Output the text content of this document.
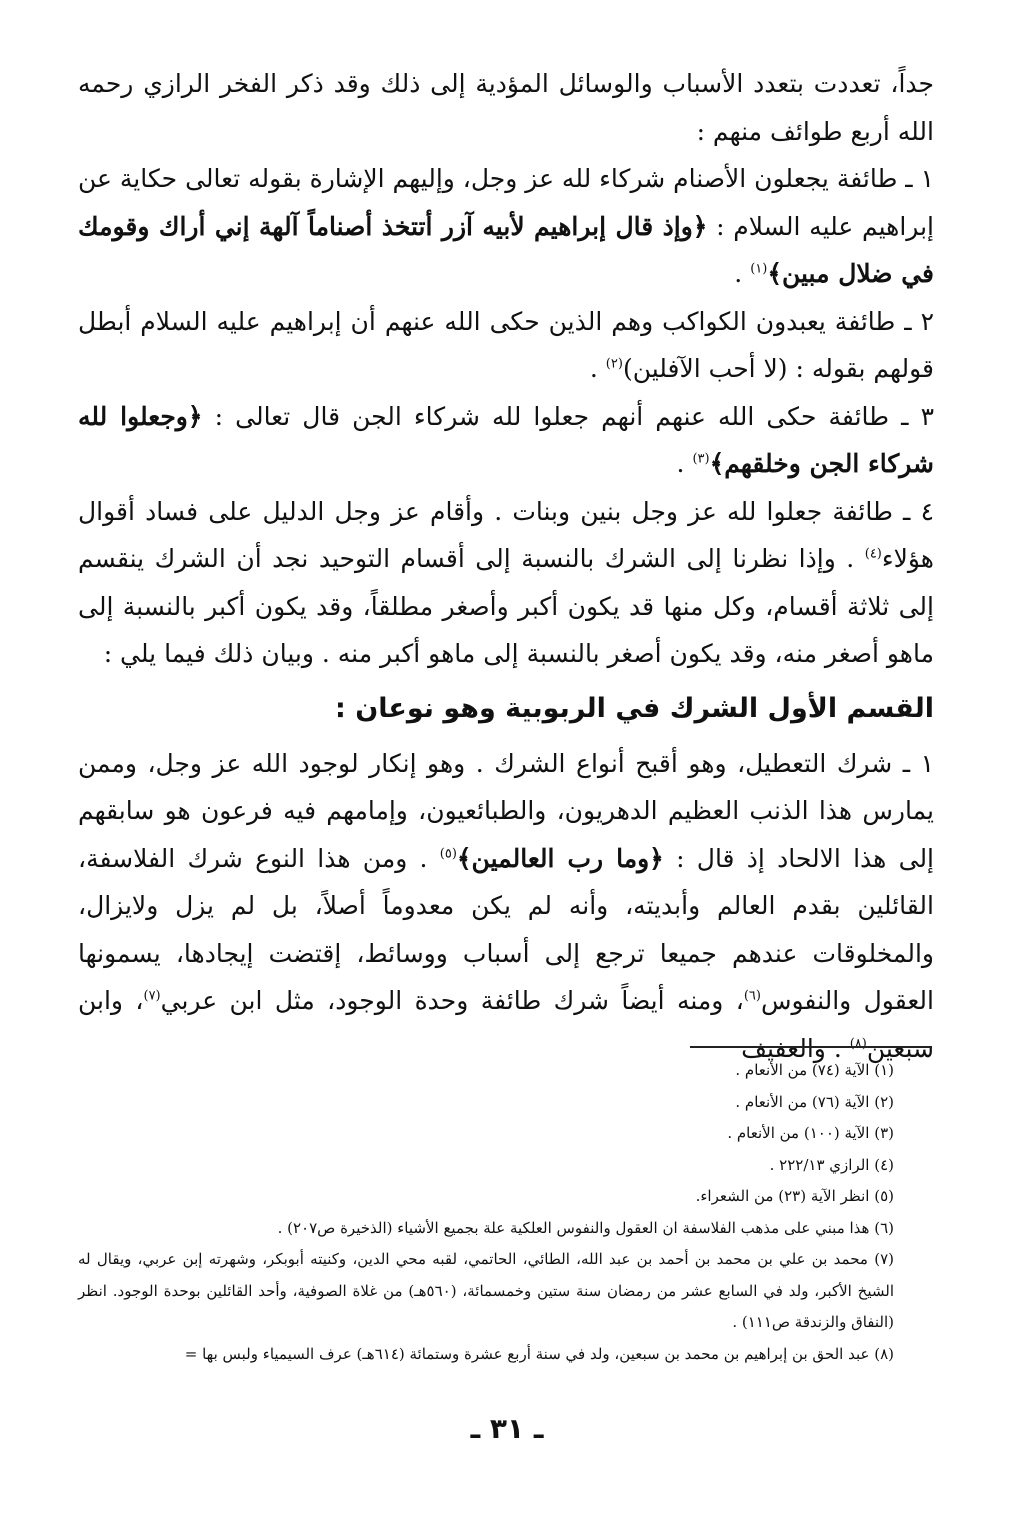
جداً، تعددت بتعدد الأسباب والوسائل المؤدية إلى ذلك وقد ذكر الفخر الرازي رحمه الله أربع طوائف منهم :

١ ـ طائفة يجعلون الأصنام شركاء لله عز وجل، وإليهم الإشارة بقوله تعالى حكاية عن إبراهيم عليه السلام : ﴿وإذ قال إبراهيم لأبيه آزر أتتخذ أصناماً آلهة إني أراك وقومك في ضلال مبين﴾$^{(١)}$ .

٢ ـ طائفة يعبدون الكواكب وهم الذين حكى الله عنهم أن إبراهيم عليه السلام أبطل قولهم بقوله : (لا أحب الآفلين)$^{(٢)}$ .

٣ ـ طائفة حكى الله عنهم أنهم جعلوا لله شركاء الجن قال تعالى : ﴿وجعلوا لله شركاء الجن وخلقهم﴾$^{(٣)}$ .

٤ ـ طائفة جعلوا لله عز وجل بنين وبنات . وأقام عز وجل الدليل على فساد أقوال هؤلاء$^{(٤)}$ . وإذا نظرنا إلى الشرك بالنسبة إلى أقسام التوحيد نجد أن الشرك ينقسم إلى ثلاثة أقسام، وكل منها قد يكون أكبر وأصغر مطلقاً، وقد يكون أكبر بالنسبة إلى ماهو أصغر منه، وقد يكون أصغر بالنسبة إلى ماهو أكبر منه . وبيان ذلك فيما يلي :

القسم الأول الشرك في الربوبية وهو نوعان :

١ ـ شرك التعطيل، وهو أقبح أنواع الشرك . وهو إنكار لوجود الله عز وجل، وممن يمارس هذا الذنب العظيم الدهريون، والطبائعيون، وإمامهم فيه فرعون هو سابقهم إلى هذا الالحاد إذ قال : ﴿وما رب العالمين﴾$^{(٥)}$ . ومن هذا النوع شرك الفلاسفة، القائلين بقدم العالم وأبديته، وأنه لم يكن معدوماً أصلاً، بل لم يزل ولايزال، والمخلوقات عندهم جميعا ترجع إلى أسباب ووسائط، إقتضت إيجادها، يسمونها العقول والنفوس$^{(٦)}$، ومنه أيضاً شرك طائفة وحدة الوجود، مثل ابن عربي$^{(٧)}$، وابن سبعين$^{(٨)}$ . والعفيف

(١) الآية (٧٤) من الأنعام .

(٢) الآية (٧٦) من الأنعام .

(٣) الآية (١٠٠) من الأنعام .

(٤) الرازي ٢٢٢/١٣ .

(٥) انظر الآية (٢٣) من الشعراء.

(٦) هذا مبني على مذهب الفلاسفة ان العقول والنفوس العلكية علة بجميع الأشياء (الذخيرة ص٢٠٧) .

(٧) محمد بن علي بن محمد بن أحمد بن عبد الله، الطائي، الحاتمي، لقبه محي الدين، وكنيته أبوبكر، وشهرته إبن عربي، ويقال له الشيخ الأكبر، ولد في السابع عشر من رمضان سنة ستين وخمسمائة، (٥٦٠هـ) من غلاة الصوفية، وأحد القائلين بوحدة الوجود. انظر (النفاق والزندقة ص١١١) .

(٨) عبد الحق بن إبراهيم بن محمد بن سبعين، ولد في سنة أربع عشرة وستمائة (٦١٤هـ) عرف السيمياء ولبس بها =

ـ ٣١ ـ
